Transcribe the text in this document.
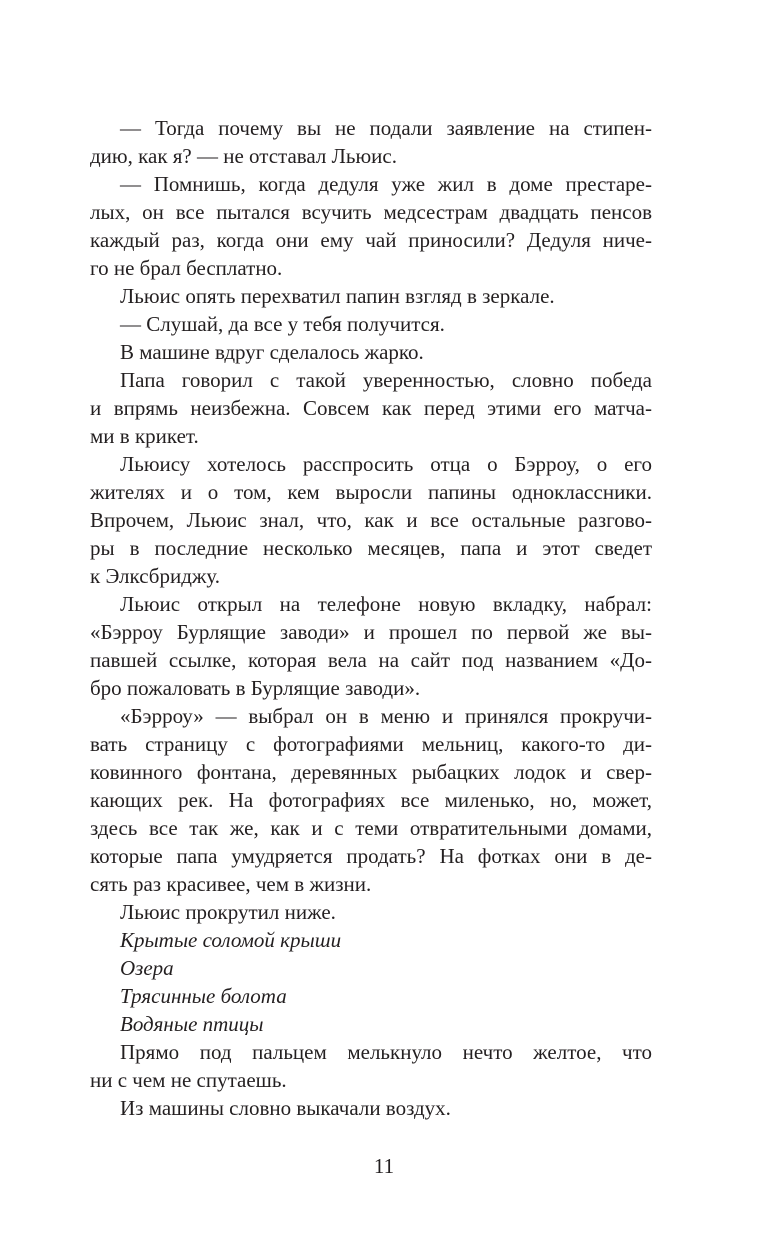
— Тогда почему вы не подали заявление на стипен-
дию, как я? — не отставал Льюис.
— Помнишь, когда дедуля уже жил в доме престаре-
лых, он все пытался всучить медсестрам двадцать пенсов
каждый раз, когда они ему чай приносили? Дедуля ниче-
го не брал бесплатно.
Льюис опять перехватил папин взгляд в зеркале.
— Слушай, да все у тебя получится.
В машине вдруг сделалось жарко.
Папа говорил с такой уверенностью, словно победа
и впрямь неизбежна. Совсем как перед этими его матча-
ми в крикет.
Льюису хотелось расспросить отца о Бэрроу, о его
жителях и о том, кем выросли папины одноклассники.
Впрочем, Льюис знал, что, как и все остальные разгово-
ры в последние несколько месяцев, папа и этот сведет
к Элксбриджу.
Льюис открыл на телефоне новую вкладку, набрал:
«Бэрроу Бурлящие заводи» и прошел по первой же вы-
павшей ссылке, которая вела на сайт под названием «До-
бро пожаловать в Бурлящие заводи».
«Бэрроу» — выбрал он в меню и принялся прокручи-
вать страницу с фотографиями мельниц, какого-то ди-
ковинного фонтана, деревянных рыбацких лодок и свер-
кающих рек. На фотографиях все миленько, но, может,
здесь все так же, как и с теми отвратительными домами,
которые папа умудряется продать? На фотках они в де-
сять раз красивее, чем в жизни.
Льюис прокрутил ниже.
Крытые соломой крыши
Озера
Трясинные болота
Водяные птицы
Прямо под пальцем мелькнуло нечто желтое, что
ни с чем не спутаешь.
Из машины словно выкачали воздух.
11
